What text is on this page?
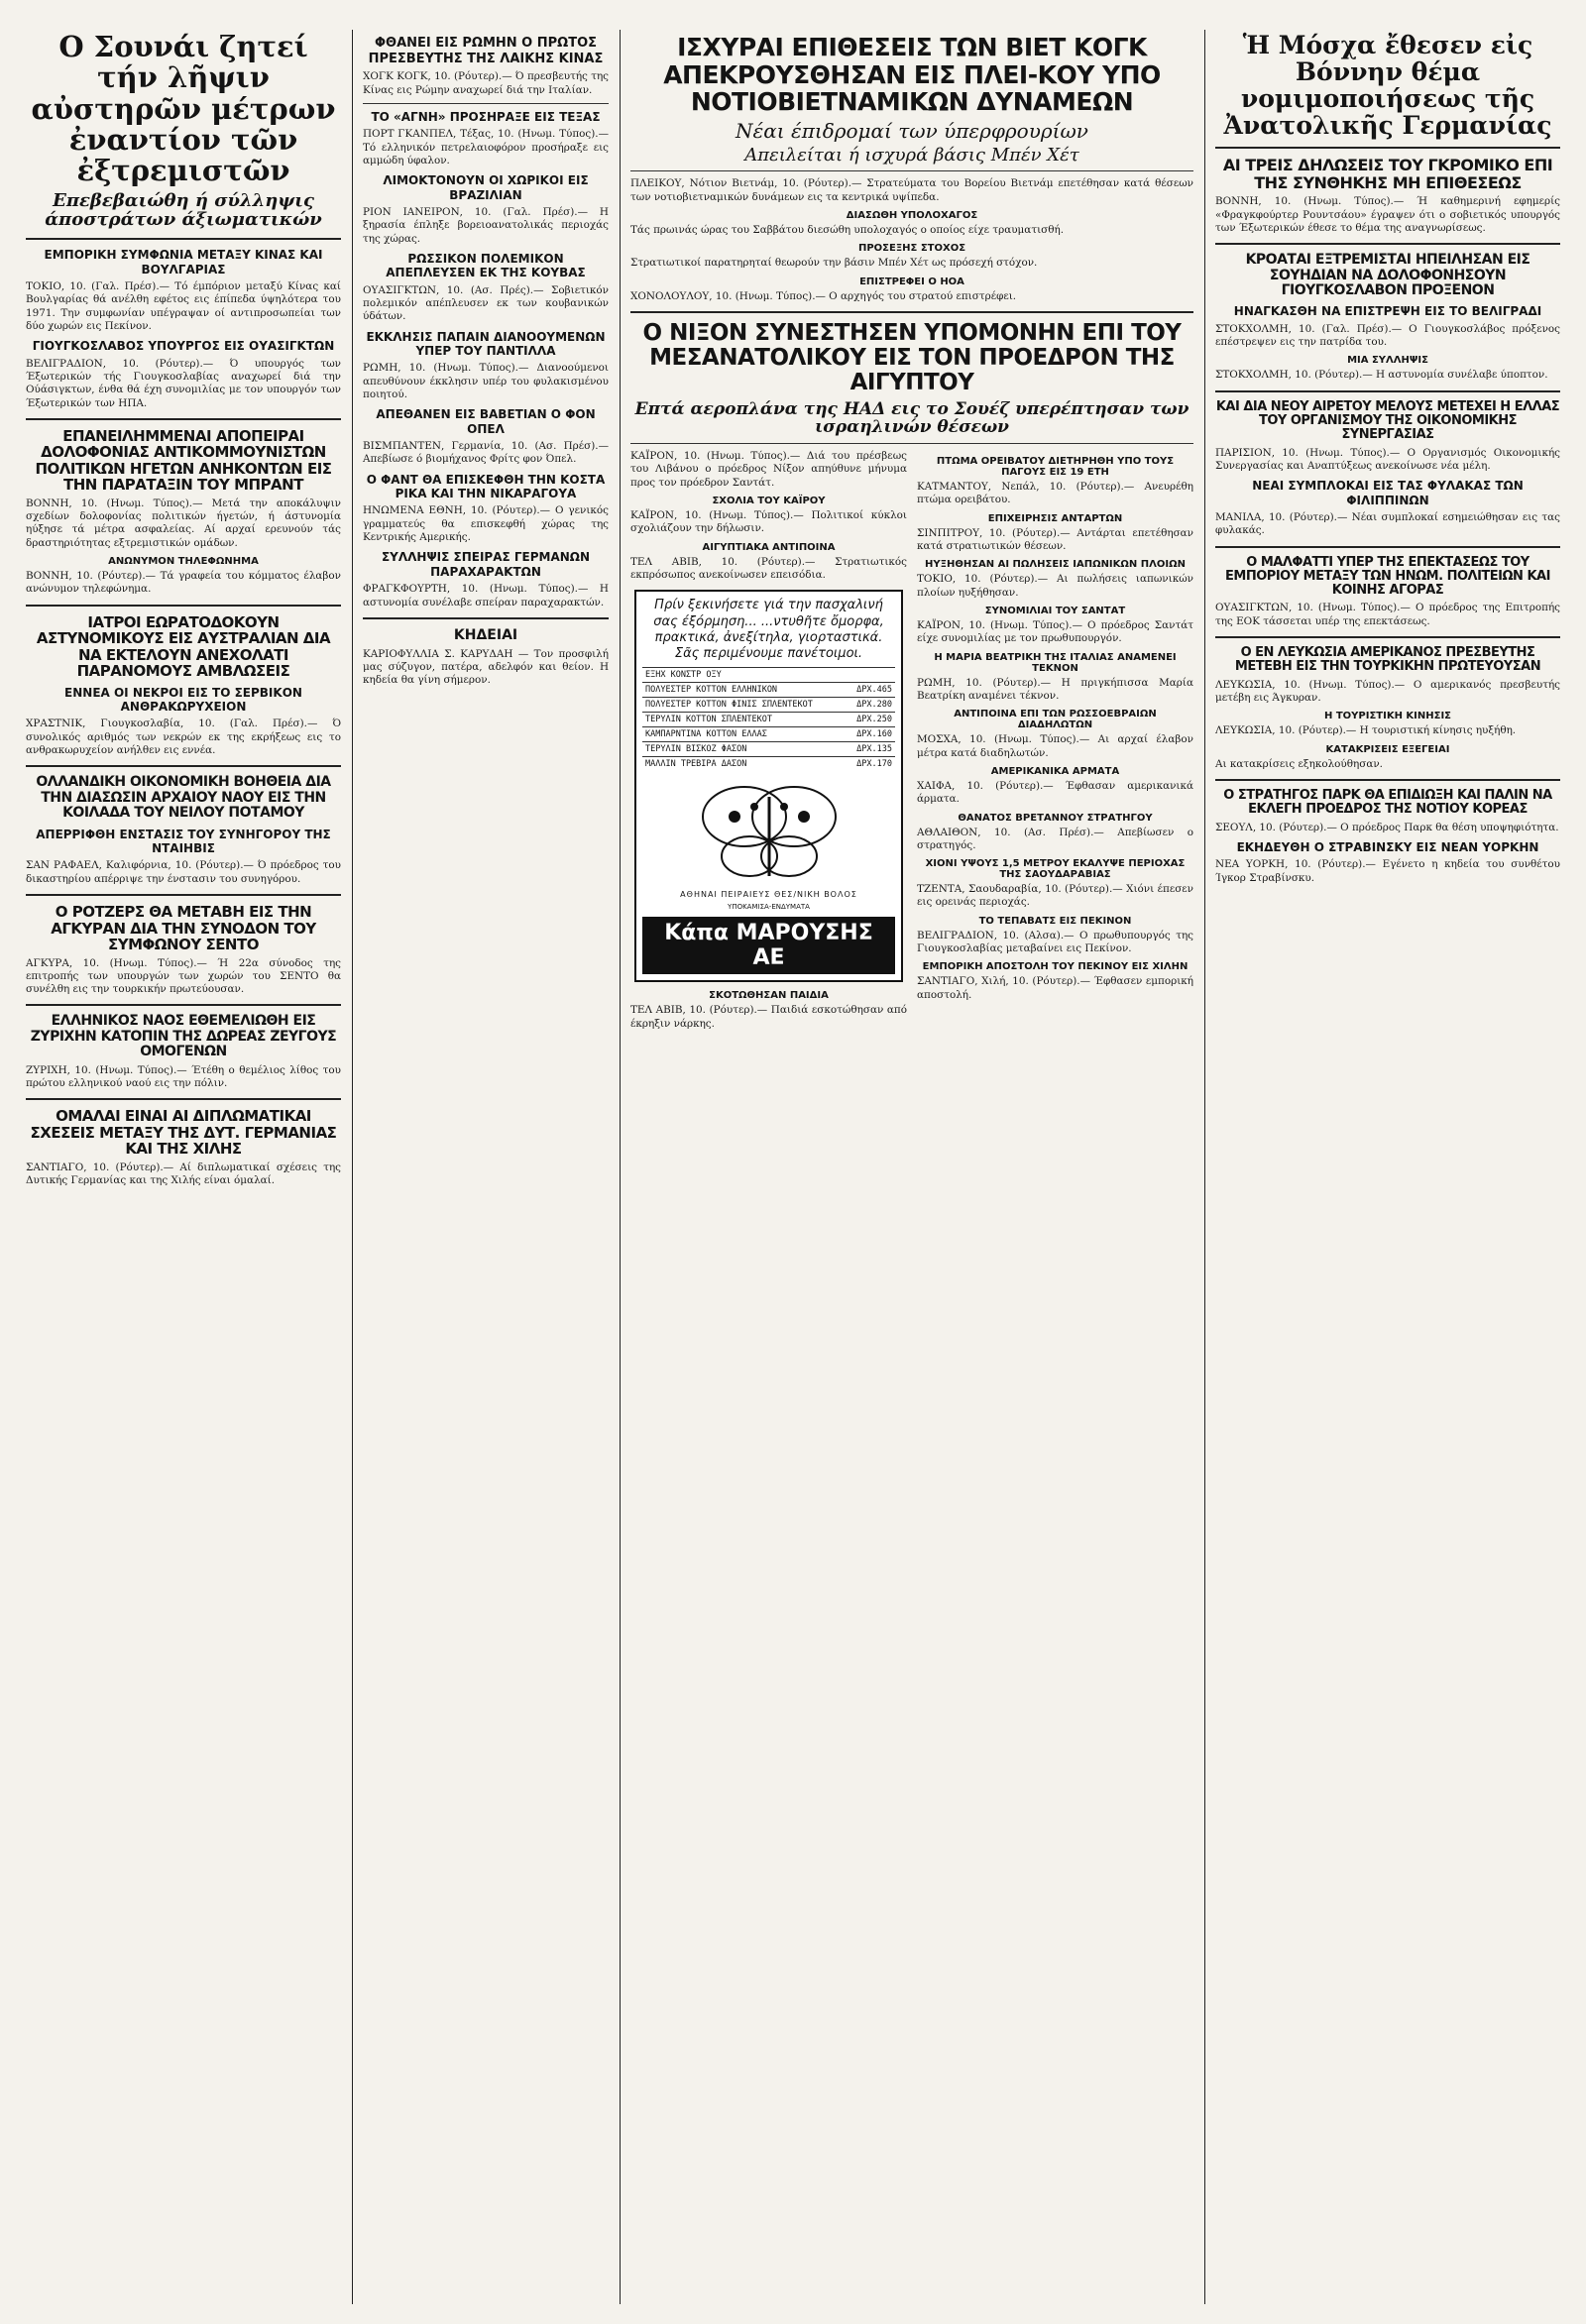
Ο Σουνάι ζητεί τήν λῆψιν αὐστηρῶν μέτρων ἐναντίον τῶν ἐξτρεμιστῶν
Επεβεβαιώθη ή σύλληψις άποστράτων άξιωματικών
ΕΜΠΟΡΙΚΗ ΣΥΜΦΩΝΙΑ ΜΕΤΑΞΥ ΚΙΝΑΣ ΚΑΙ ΒΟΥΛΓΑΡΙΑΣ

ΤΟΚΙΟ, 10. (Γαλ. Πρέσ).— Τό έμπόριον μεταξύ Κίνας καί Βουλγαρίας θά ανέλθη εφέτος εις έπίπεδα ύψηλότερα του 1971. Την συμφωνίαν υπέγραψαν οί αντιπροσωπείαι των δύο χωρών εις Πεκίνον.

ΓΙΟΥΓΚΟΣΛΑΒΟΣ ΥΠΟΥΡΓΟΣ ΕΙΣ ΟΥΑΣΙΓΚΤΩΝ

ΒΕΛΙΓΡΑΔΙΟΝ, 10. (Ρόυτερ).— Ό υπουργός των Έξωτερικών τής Γιουγκοσλαβίας αναχωρεί διά την Ούάσιγκτων, ένθα θά έχη συνομιλίας με τον υπουργόν των Έξωτερικών των ΗΠΑ.

ΕΠΑΝΕΙΛΗΜΜΕΝΑΙ ΑΠΟΠΕΙΡΑΙ ΔΟΛΟΦΟΝΙΑΣ ΑΝΤΙΚΟΜΜΟΥΝΙΣΤΩΝ ΠΟΛΙΤΙΚΩΝ ΗΓΕΤΩΝ ΑΝΗΚΟΝΤΩΝ ΕΙΣ ΤΗΝ ΠΑΡΑΤΑΞΙΝ ΤΟΥ ΜΠΡΑΝΤ

ΒΟΝΝΗ, 10. (Ηνωμ. Τύπος).— Μετά την αποκάλυψιν σχεδίων δολοφονίας πολιτικών ήγετών, ή άστυνομία ηύξησε τά μέτρα ασφαλείας. Αί αρχαί ερευνούν τάς δραστηριότητας εξτρεμιστικών ομάδων.

ΑΝΩΝΥΜΟΝ ΤΗΛΕΦΩΝΗΜΑ

ΒΟΝΝΗ, 10. (Ρόυτερ).— Τά γραφεία του κόμματος έλαβον ανώνυμον τηλεφώνημα.

ΙΑΤΡΟΙ ΕΩΡΑΤΟΔΟΚΟΥΝ ΑΣΤΥΝΟΜΙΚΟΥΣ ΕΙΣ ΑΥΣΤΡΑΛΙΑΝ ΔΙΑ ΝΑ ΕΚΤΕΛΟΥΝ ΑΝΕΧΟΛΑΤΙ ΠΑΡΑΝΟΜΟΥΣ ΑΜΒΛΩΣΕΙΣ
ΕΝΝΕΑ ΟΙ ΝΕΚΡΟΙ ΕΙΣ ΤΟ ΣΕΡΒΙΚΟΝ ΑΝΘΡΑΚΩΡΥΧΕΙΟΝ

ΧΡΑΣΤΝΙΚ, Γιουγκοσλαβία, 10. (Γαλ. Πρέσ).— Ό συνολικός αριθμός των νεκρών εκ της εκρήξεως εις το ανθρακωρυχείον ανήλθεν εις εννέα.

ΟΛΛΑΝΔΙΚΗ ΟΙΚΟΝΟΜΙΚΗ ΒΟΗΘΕΙΑ ΔΙΑ ΤΗΝ ΔΙΑΣΩΣΙΝ ΑΡΧΑΙΟΥ ΝΑΟΥ ΕΙΣ ΤΗΝ ΚΟΙΛΑΔΑ ΤΟΥ ΝΕΙΛΟΥ ΠΟΤΑΜΟΥ
ΑΠΕΡΡΙΦΘΗ ΕΝΣΤΑΣΙΣ ΤΟΥ ΣΥΝΗΓΟΡΟΥ ΤΗΣ ΝΤΑΙΗΒΙΣ

ΣΑΝ ΡΑΦΑΕΛ, Καλιφόρνια, 10. (Ρόυτερ).— Ό πρόεδρος του δικαστηρίου απέρριψε την ένστασιν του συνηγόρου.

Ο ΡΟΤΖΕΡΣ ΘΑ ΜΕΤΑΒΗ ΕΙΣ ΤΗΝ ΑΓΚΥΡΑΝ ΔΙΑ ΤΗΝ ΣΥΝΟΔΟΝ ΤΟΥ ΣΥΜΦΩΝΟΥ ΣΕΝΤΟ

ΑΓΚΥΡΑ, 10. (Ηνωμ. Τύπος).— Ή 22α σύνοδος της επιτροπής των υπουργών των χωρών του ΣΕΝΤΟ θα συνέλθη εις την τουρκικήν πρωτεύουσαν.

ΕΛΛΗΝΙΚΟΣ ΝΑΟΣ ΕΘΕΜΕΛΙΩΘΗ ΕΙΣ ΖΥΡΙΧΗΝ ΚΑΤΟΠΙΝ ΤΗΣ ΔΩΡΕΑΣ ΖΕΥΓΟΥΣ ΟΜΟΓΕΝΩΝ

ΖΥΡΙΧΗ, 10. (Ηνωμ. Τύπος).— Έτέθη ο θεμέλιος λίθος του πρώτου ελληνικού ναού εις την πόλιν.

ΟΜΑΛΑΙ ΕΙΝΑΙ ΑΙ ΔΙΠΛΩΜΑΤΙΚΑΙ ΣΧΕΣΕΙΣ ΜΕΤΑΞΥ ΤΗΣ ΔΥΤ. ΓΕΡΜΑΝΙΑΣ ΚΑΙ ΤΗΣ ΧΙΛΗΣ

ΣΑΝΤΙΑΓΟ, 10. (Ρόυτερ).— Αί διπλωματικαί σχέσεις της Δυτικής Γερμανίας και της Χιλής είναι όμαλαί.

ΦΘΑΝΕΙ ΕΙΣ ΡΩΜΗΝ Ο ΠΡΩΤΟΣ ΠΡΕΣΒΕΥΤΗΣ ΤΗΣ ΛΑΙΚΗΣ ΚΙΝΑΣ

ΧΟΓΚ ΚΟΓΚ, 10. (Ρόυτερ).— Ό πρεσβευτής της Κίνας εις Ρώμην αναχωρεί διά την Ιταλίαν.

ΤΟ «ΑΓΝΗ» ΠΡΟΣΗΡΑΞΕ ΕΙΣ ΤΕΞΑΣ

ΠΟΡΤ ΓΚΑΝΠΕΛ, Τέξας, 10. (Ηνωμ. Τύπος).— Τό ελληνικόν πετρελαιοφόρον προσήραξε εις αμμώδη ύφαλον.

ΛΙΜΟΚΤΟΝΟΥΝ ΟΙ ΧΩΡΙΚΟΙ ΕΙΣ ΒΡΑΖΙΛΙΑΝ

ΡΙΟΝ ΙΑΝΕΙΡΟΝ, 10. (Γαλ. Πρέσ).— Η ξηρασία έπληξε βορειοανατολικάς περιοχάς της χώρας.

ΡΩΣΣΙΚΟΝ ΠΟΛΕΜΙΚΟΝ ΑΠΕΠΛΕΥΣΕΝ ΕΚ ΤΗΣ ΚΟΥΒΑΣ

ΟΥΑΣΙΓΚΤΩΝ, 10. (Ασ. Πρές).— Σοβιετικόν πολεμικόν απέπλευσεν εκ των κουβανικών ύδάτων.

ΕΚΚΛΗΣΙΣ ΠΑΠΑΙΝ ΔΙΑΝΟΟΥΜΕΝΩΝ ΥΠΕΡ ΤΟΥ ΠΑΝΤΙΛΛΑ

ΡΩΜΗ, 10. (Ηνωμ. Τύπος).— Διανοούμενοι απευθύνουν έκκλησιν υπέρ του φυλακισμένου ποιητού.

ΑΠΕΘΑΝΕΝ ΕΙΣ ΒΑΒΕΤΙΑΝ Ο ΦΟΝ ΟΠΕΛ

ΒΙΣΜΠΑΝΤΕΝ, Γερμανία, 10. (Ασ. Πρέσ).— Απεβίωσε ό βιομήχανος Φρίτς φον Όπελ.

Ο ΦΑΝΤ ΘΑ ΕΠΙΣΚΕΦΘΗ ΤΗΝ ΚΟΣΤΑ ΡΙΚΑ ΚΑΙ ΤΗΝ ΝΙΚΑΡΑΓΟΥΑ

ΗΝΩΜΕΝΑ ΕΘΝΗ, 10. (Ρόυτερ).— Ο γενικός γραμματεύς θα επισκεφθή χώρας της Κεντρικής Αμερικής.

ΣΥΛΛΗΨΙΣ ΣΠΕΙΡΑΣ ΓΕΡΜΑΝΩΝ ΠΑΡΑΧΑΡΑΚΤΩΝ

ΦΡΑΓΚΦΟΥΡΤΗ, 10. (Ηνωμ. Τύπος).— Η αστυνομία συνέλαβε σπείραν παραχαρακτών.

ΚΗΔΕΙΑΙ

ΚΑΡΙΟΦΥΛΛΙΑ Σ. ΚΑΡΥΔΑΗ — Τον προσφιλή μας σύζυγον, πατέρα, αδελφόν και θείον. Η κηδεία θα γίνη σήμερον.

ΙΣΧΥΡΑΙ ΕΠΙΘΕΣΕΙΣ ΤΩΝ ΒΙΕΤ ΚΟΓΚ ΑΠΕΚΡΟΥΣΘΗΣΑΝ ΕΙΣ ΠΛΕΙ-ΚΟΥ ΥΠΟ ΝΟΤΙΟΒΙΕΤΝΑΜΙΚΩΝ ΔΥΝΑΜΕΩΝ
Νέαι έπιδρομαί των ύπερφρουρίων
Απειλείται ή ισχυρά βάσις Μπέν Χέτ

ΠΛΕΙΚΟΥ, Νότιον Βιετνάμ, 10. (Ρόυτερ).— Στρατεύματα του Βορείου Βιετνάμ επετέθησαν κατά θέσεων των νοτιοβιετναμικών δυνάμεων εις τα κεντρικά υψίπεδα.

ΔΙΑΣΩΘΗ ΥΠΟΛΟΧΑΓΟΣ

Τάς πρωινάς ώρας του Σαββάτου διεσώθη υπολοχαγός ο οποίος είχε τραυματισθή.

ΠΡΟΣΕΞΗΣ ΣΤΟΧΟΣ

Στρατιωτικοί παρατηρηταί θεωρούν την βάσιν Μπέν Χέτ ως πρόσεχή στόχον.

ΕΠΙΣΤΡΕΦΕΙ Ο ΗΟΑ

ΧΟΝΟΛΟΥΛΟΥ, 10. (Ηνωμ. Τύπος).— Ο αρχηγός του στρατού επιστρέφει.

Ο ΝΙΞΟΝ ΣΥΝΕΣΤΗΣΕΝ ΥΠΟΜΟΝΗΝ ΕΠΙ ΤΟΥ ΜΕΣΑΝΑΤΟΛΙΚΟΥ ΕΙΣ ΤΟΝ ΠΡΟΕΔΡΟΝ ΤΗΣ ΑΙΓΥΠΤΟΥ
Επτά αεροπλάνα της ΗΑΔ εις το Σουέζ υπερέπτησαν των ισραηλινών θέσεων

ΚΑΪΡΟΝ, 10. (Ηνωμ. Τύπος).— Διά του πρέσβεως του Λιβάνου ο πρόεδρος Νίξον απηύθυνε μήνυμα προς τον πρόεδρον Σαντάτ.

ΣΧΟΛΙΑ ΤΟΥ ΚΑΪΡΟΥ

ΚΑΪΡΟΝ, 10. (Ηνωμ. Τύπος).— Πολιτικοί κύκλοι σχολιάζουν την δήλωσιν.

ΑΙΓΥΠΤΙΑΚΑ ΑΝΤΙΠΟΙΝΑ

ΤΕΛ ΑΒΙΒ, 10. (Ρόυτερ).— Στρατιωτικός εκπρόσωπος ανεκοίνωσεν επεισόδια.

Πρίν ξεκινήσετε γιά την πασχαλινή σας έξόρμηση... ...ντυθῆτε ὄμορφα, πρακτικά, ἀνεξίτηλα, γιορταστικά. Σᾶς περιμένουμε πανέτοιμοι.
ΕΞΗΧ ΚΟΝΣΤΡ ΟΞΥ	
ΠΟΛΥΕΣΤΕΡ ΚΟΤΤΟΝ ΕΛΛΗΝΙΚΟΝ	ΔΡΧ.465
ΠΟΛΥΕΣΤΕΡ ΚΟΤΤΟΝ ΦΙΝΙΣ ΣΠΛΕΝΤΕΚΟΤ	ΔΡΧ.280
ΤΕΡΥΛΙΝ ΚΟΤΤΟΝ ΣΠΛΕΝΤΕΚΟΤ	ΔΡΧ.250
ΚΑΜΠΑΡΝΤΙΝΑ ΚΟΤΤΟΝ ΕΛΛΑΣ	ΔΡΧ.160
ΤΕΡΥΛΙΝ ΒΙΣΚΟΖ ΦΑΣΟΝ	ΔΡΧ.135
ΜΑΛΛΙΝ ΤΡΕΒΙΡΑ ΔΑΣΟΝ	ΔΡΧ.170
ΑΘΗΝΑΙ ΠΕΙΡΑΙΕΥΣ ΘΕΣ/ΝΙΚΗ ΒΟΛΟΣ
ΥΠΟΚΑΜΙΣΑ-ΕΝΔΥΜΑΤΑ
Κάπα ΜΑΡΟΥΣΗΣ ΑΕ
ΣΚΟΤΩΘΗΣΑΝ ΠΑΙΔΙΑ

ΤΕΛ ΑΒΙΒ, 10. (Ρόυτερ).— Παιδιά εσκοτώθησαν από έκρηξιν νάρκης.

ΠΤΩΜΑ ΟΡΕΙΒΑΤΟΥ ΔΙΕΤΗΡΗΘΗ ΥΠΟ ΤΟΥΣ ΠΑΓΟΥΣ ΕΙΣ 19 ΕΤΗ

ΚΑΤΜΑΝΤΟΥ, Νεπάλ, 10. (Ρόυτερ).— Ανευρέθη πτώμα ορειβάτου.

ΕΠΙΧΕΙΡΗΣΙΣ ΑΝΤΑΡΤΩΝ

ΣΙΝΠΙΤΡΟΥ, 10. (Ρόυτερ).— Αντάρται επετέθησαν κατά στρατιωτικών θέσεων.

ΗΥΞΗΘΗΣΑΝ ΑΙ ΠΩΛΗΣΕΙΣ ΙΑΠΩΝΙΚΩΝ ΠΛΟΙΩΝ

ΤΟΚΙΟ, 10. (Ρόυτερ).— Αι πωλήσεις ιαπωνικών πλοίων ηυξήθησαν.

ΣΥΝΟΜΙΛΙΑΙ ΤΟΥ ΣΑΝΤΑΤ

ΚΑΪΡΟΝ, 10. (Ηνωμ. Τύπος).— Ο πρόεδρος Σαντάτ είχε συνομιλίας με τον πρωθυπουργόν.

Η ΜΑΡΙΑ ΒΕΑΤΡΙΚΗ ΤΗΣ ΙΤΑΛΙΑΣ ΑΝΑΜΕΝΕΙ ΤΕΚΝΟΝ

ΡΩΜΗ, 10. (Ρόυτερ).— Η πριγκήπισσα Μαρία Βεατρίκη αναμένει τέκνον.

ΑΝΤΙΠΟΙΝΑ ΕΠΙ ΤΩΝ ΡΩΣΣΟΕΒΡΑΙΩΝ ΔΙΑΔΗΛΩΤΩΝ

ΜΟΣΧΑ, 10. (Ηνωμ. Τύπος).— Αι αρχαί έλαβον μέτρα κατά διαδηλωτών.

ΑΜΕΡΙΚΑΝΙΚΑ ΑΡΜΑΤΑ

ΧΑΙΦΑ, 10. (Ρόυτερ).— Έφθασαν αμερικανικά άρματα.

ΘΑΝΑΤΟΣ ΒΡΕΤΑΝΝΟΥ ΣΤΡΑΤΗΓΟΥ

ΑΘΛΑΙΘΟΝ, 10. (Ασ. Πρέσ).— Απεβίωσεν ο στρατηγός.

ΧΙΟΝΙ ΥΨΟΥΣ 1,5 ΜΕΤΡΟΥ ΕΚΑΛΥΨΕ ΠΕΡΙΟΧΑΣ ΤΗΣ ΣΑΟΥΔΑΡΑΒΙΑΣ

ΤΖΕΝΤΑ, Σαουδαραβία, 10. (Ρόυτερ).— Χιόνι έπεσεν εις ορεινάς περιοχάς.

ΤΟ ΤΕΠΑΒΑΤΣ ΕΙΣ ΠΕΚΙΝΟΝ

ΒΕΛΙΓΡΑΔΙΟΝ, 10. (Αλσα).— Ο πρωθυπουργός της Γιουγκοσλαβίας μεταβαίνει εις Πεκίνον.

ΕΜΠΟΡΙΚΗ ΑΠΟΣΤΟΛΗ ΤΟΥ ΠΕΚΙΝΟΥ ΕΙΣ ΧΙΛΗΝ

ΣΑΝΤΙΑΓΟ, Χιλή, 10. (Ρόυτερ).— Έφθασεν εμπορική αποστολή.

Ἡ Μόσχα ἔθεσεν εἰς Βόννην θέμα νομιμοποιήσεως τῆς Ἀνατολικῆς Γερμανίας
ΑΙ ΤΡΕΙΣ ΔΗΛΩΣΕΙΣ ΤΟΥ ΓΚΡΟΜΙΚΟ ΕΠΙ ΤΗΣ ΣΥΝΘΗΚΗΣ ΜΗ ΕΠΙΘΕΣΕΩΣ

ΒΟΝΝΗ, 10. (Ηνωμ. Τύπος).— Ή καθημερινή εφημερίς «Φραγκφούρτερ Ρουντσάου» έγραψεν ότι ο σοβιετικός υπουργός των Έξωτερικών έθεσε το θέμα της αναγνωρίσεως.

ΚΡΟΑΤΑΙ ΕΞΤΡΕΜΙΣΤΑΙ ΗΠΕΙΛΗΣΑΝ ΕΙΣ ΣΟΥΗΔΙΑΝ ΝΑ ΔΟΛΟΦΟΝΗΣΟΥΝ ΓΙΟΥΓΚΟΣΛΑΒΟΝ ΠΡΟΞΕΝΟΝ
ΗΝΑΓΚΑΣΘΗ ΝΑ ΕΠΙΣΤΡΕΨΗ ΕΙΣ ΤΟ ΒΕΛΙΓΡΑΔΙ

ΣΤΟΚΧΟΛΜΗ, 10. (Γαλ. Πρέσ).— Ο Γιουγκοσλάβος πρόξενος επέστρεψεν εις την πατρίδα του.

ΜΙΑ ΣΥΛΛΗΨΙΣ

ΣΤΟΚΧΟΛΜΗ, 10. (Ρόυτερ).— Η αστυνομία συνέλαβε ύποπτον.

ΚΑΙ ΔΙΑ ΝΕΟΥ ΑΙΡΕΤΟΥ ΜΕΛΟΥΣ ΜΕΤΕΧΕΙ Η ΕΛΛΑΣ ΤΟΥ ΟΡΓΑΝΙΣΜΟΥ ΤΗΣ ΟΙΚΟΝΟΜΙΚΗΣ ΣΥΝΕΡΓΑΣΙΑΣ

ΠΑΡΙΣΙΟΝ, 10. (Ηνωμ. Τύπος).— Ο Οργανισμός Οικονομικής Συνεργασίας και Αναπτύξεως ανεκοίνωσε νέα μέλη.

ΝΕΑΙ ΣΥΜΠΛΟΚΑΙ ΕΙΣ ΤΑΣ ΦΥΛΑΚΑΣ ΤΩΝ ΦΙΛΙΠΠΙΝΩΝ

ΜΑΝΙΛΑ, 10. (Ρόυτερ).— Νέαι συμπλοκαί εσημειώθησαν εις τας φυλακάς.

Ο ΜΑΛΦΑΤΤΙ ΥΠΕΡ ΤΗΣ ΕΠΕΚΤΑΣΕΩΣ ΤΟΥ ΕΜΠΟΡΙΟΥ ΜΕΤΑΞΥ ΤΩΝ ΗΝΩΜ. ΠΟΛΙΤΕΙΩΝ ΚΑΙ ΚΟΙΝΗΣ ΑΓΟΡΑΣ

ΟΥΑΣΙΓΚΤΩΝ, 10. (Ηνωμ. Τύπος).— Ο πρόεδρος της Επιτροπής της ΕΟΚ τάσσεται υπέρ της επεκτάσεως.

Ο ΕΝ ΛΕΥΚΩΣΙΑ ΑΜΕΡΙΚΑΝΟΣ ΠΡΕΣΒΕΥΤΗΣ ΜΕΤΕΒΗ ΕΙΣ ΤΗΝ ΤΟΥΡΚΙΚΗΝ ΠΡΩΤΕΥΟΥΣΑΝ

ΛΕΥΚΩΣΙΑ, 10. (Ηνωμ. Τύπος).— Ο αμερικανός πρεσβευτής μετέβη εις Άγκυραν.

Η ΤΟΥΡΙΣΤΙΚΗ ΚΙΝΗΣΙΣ

ΛΕΥΚΩΣΙΑ, 10. (Ρόυτερ).— Η τουριστική κίνησις ηυξήθη.

ΚΑΤΑΚΡΙΣΕΙΣ ΕΞΕΓΕΙΑΙ

Αι κατακρίσεις εξηκολούθησαν.

Ο ΣΤΡΑΤΗΓΟΣ ΠΑΡΚ ΘΑ ΕΠΙΔΙΩΞΗ ΚΑΙ ΠΑΛΙΝ ΝΑ ΕΚΛΕΓΗ ΠΡΟΕΔΡΟΣ ΤΗΣ ΝΟΤΙΟΥ ΚΟΡΕΑΣ

ΣΕΟΥΛ, 10. (Ρόυτερ).— Ο πρόεδρος Παρκ θα θέση υποψηφιότητα.

ΕΚΗΔΕΥΘΗ Ο ΣΤΡΑΒΙΝΣΚΥ ΕΙΣ ΝΕΑΝ ΥΟΡΚΗΝ

ΝΕΑ ΥΟΡΚΗ, 10. (Ρόυτερ).— Εγένετο η κηδεία του συνθέτου Ίγκορ Στραβίνσκυ.
